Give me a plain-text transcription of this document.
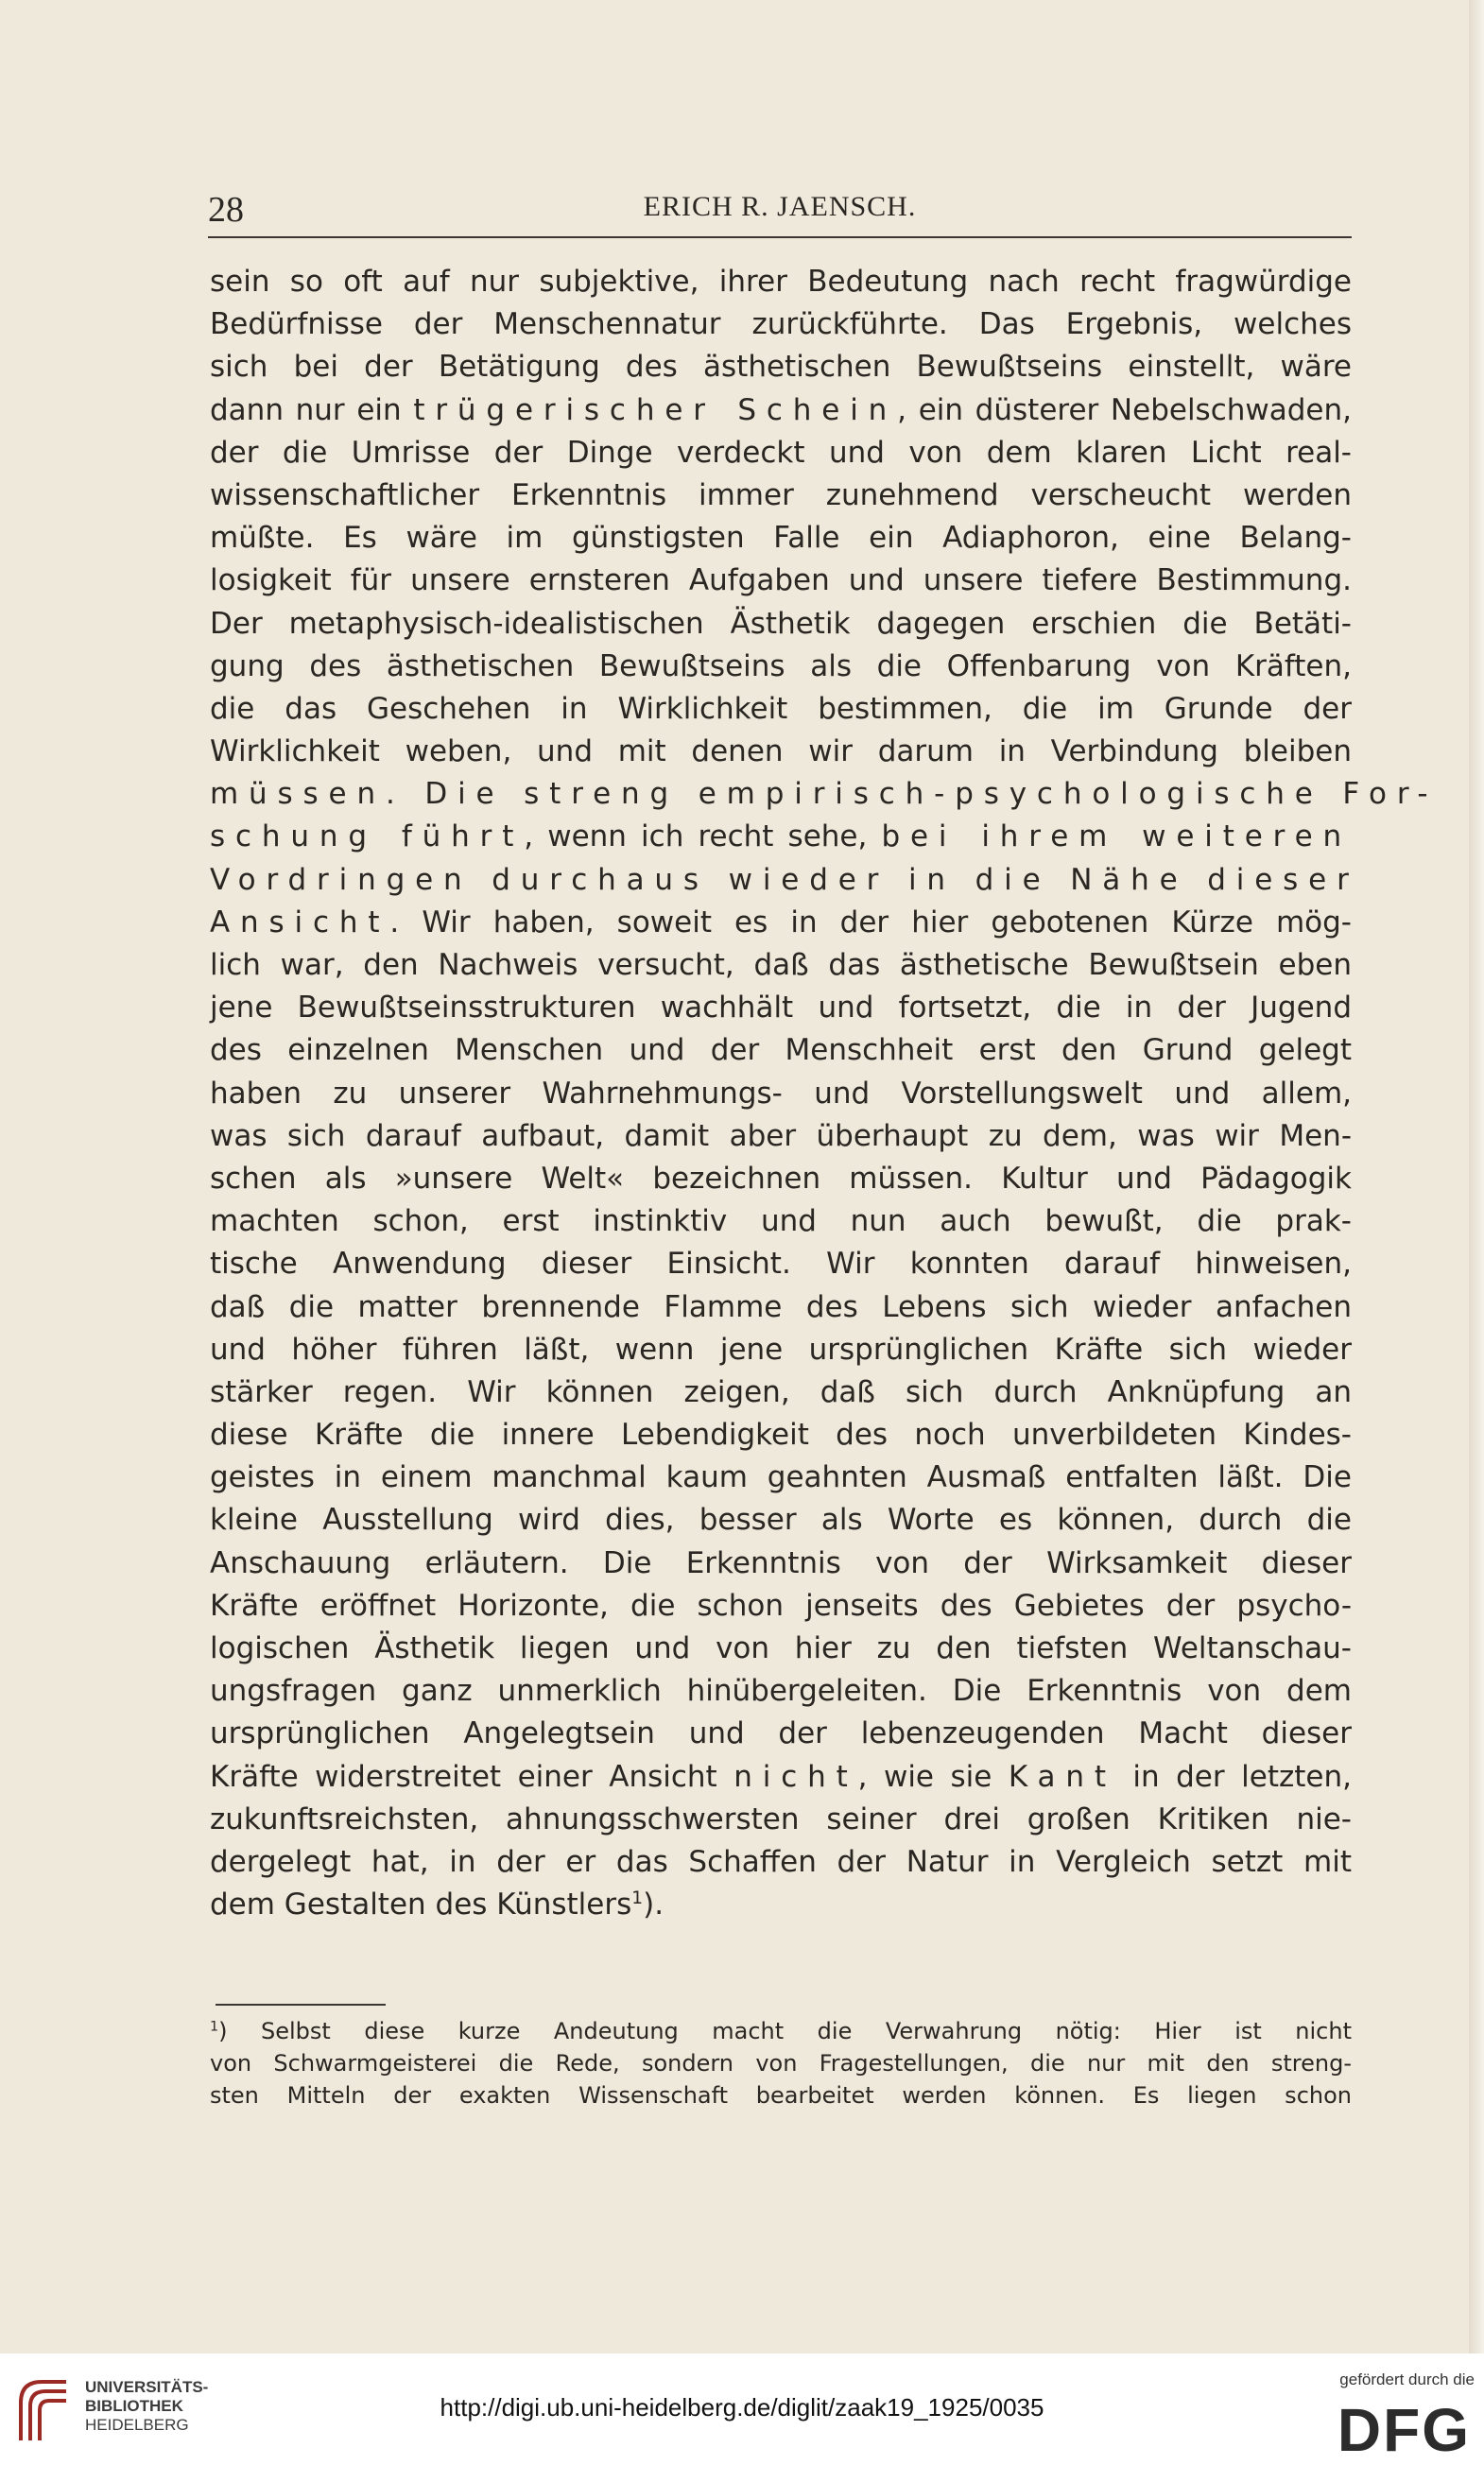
28	ERICH R. JAENSCH.
sein so oft auf nur subjektive, ihrer Bedeutung nach recht fragwürdige
Bedürfnisse der Menschennatur zurückführte. Das Ergebnis, welches
sich bei der Betätigung des ästhetischen Bewußtseins einstellt, wäre
dann nur ein trügerischer Schein, ein düsterer Nebelschwaden,
der die Umrisse der Dinge verdeckt und von dem klaren Licht real-
wissenschaftlicher Erkenntnis immer zunehmend verscheucht werden
müßte. Es wäre im günstigsten Falle ein Adiaphoron, eine Belang-
losigkeit für unsere ernsteren Aufgaben und unsere tiefere Bestimmung.
Der metaphysisch-idealistischen Ästhetik dagegen erschien die Betäti-
gung des ästhetischen Bewußtseins als die Offenbarung von Kräften,
die das Geschehen in Wirklichkeit bestimmen, die im Grunde der
Wirklichkeit weben, und mit denen wir darum in Verbindung bleiben
müssen. Die streng empirisch-psychologische For-
schung führt, wenn ich recht sehe, bei ihrem weiteren
Vordringen durchaus wieder in die Nähe dieser
Ansicht. Wir haben, soweit es in der hier gebotenen Kürze mög-
lich war, den Nachweis versucht, daß das ästhetische Bewußtsein eben
jene Bewußtseinsstrukturen wachhält und fortsetzt, die in der Jugend
des einzelnen Menschen und der Menschheit erst den Grund gelegt
haben zu unserer Wahrnehmungs- und Vorstellungswelt und allem,
was sich darauf aufbaut, damit aber überhaupt zu dem, was wir Men-
schen als »unsere Welt« bezeichnen müssen. Kultur und Pädagogik
machten schon, erst instinktiv und nun auch bewußt, die prak-
tische Anwendung dieser Einsicht. Wir konnten darauf hinweisen,
daß die matter brennende Flamme des Lebens sich wieder anfachen
und höher führen läßt, wenn jene ursprünglichen Kräfte sich wieder
stärker regen. Wir können zeigen, daß sich durch Anknüpfung an
diese Kräfte die innere Lebendigkeit des noch unverbildeten Kindes-
geistes in einem manchmal kaum geahnten Ausmaß entfalten läßt. Die
kleine Ausstellung wird dies, besser als Worte es können, durch die
Anschauung erläutern. Die Erkenntnis von der Wirksamkeit dieser
Kräfte eröffnet Horizonte, die schon jenseits des Gebietes der psycho-
logischen Ästhetik liegen und von hier zu den tiefsten Weltanschau-
ungsfragen ganz unmerklich hinübergeleiten. Die Erkenntnis von dem
ursprünglichen Angelegtsein und der lebenzeugenden Macht dieser
Kräfte widerstreitet einer Ansicht nicht, wie sie Kant in der letzten,
zukunftsreichsten, ahnungsschwersten seiner drei großen Kritiken nie-
dergelegt hat, in der er das Schaffen der Natur in Vergleich setzt mit
dem Gestalten des Künstlers$^1$).
$^1$) Selbst diese kurze Andeutung macht die Verwahrung nötig: Hier ist nicht
von Schwarmgeisterei die Rede, sondern von Fragestellungen, die nur mit den streng-
sten Mitteln der exakten Wissenschaft bearbeitet werden können. Es liegen schon
UNIVERSITÄTS-
BIBLIOTHEK
HEIDELBERG
http://digi.ub.uni-heidelberg.de/diglit/zaak19_1925/0035
gefördert durch die
DFG
